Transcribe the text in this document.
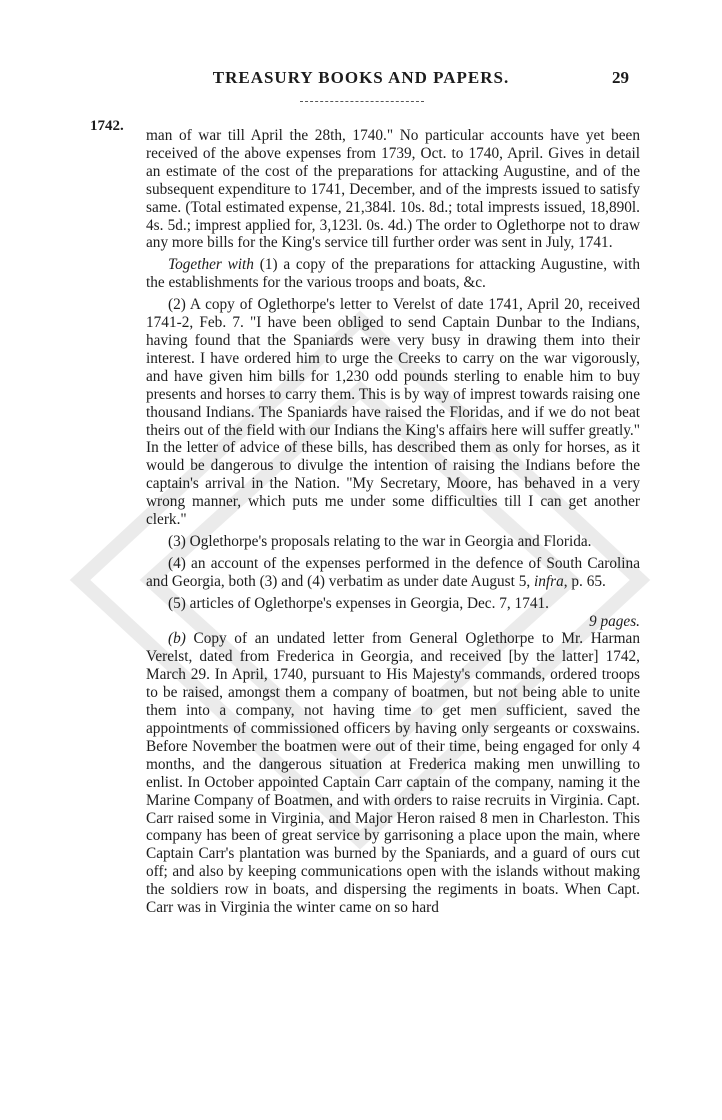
TREASURY BOOKS AND PAPERS.	29
1742.

man of war till April the 28th, 1740." No particular accounts have yet been received of the above expenses from 1739, Oct. to 1740, April. Gives in detail an estimate of the cost of the preparations for attacking Augustine, and of the subsequent expenditure to 1741, December, and of the imprests issued to satisfy same. (Total estimated expense, 21,384l. 10s. 8d.; total imprests issued, 18,890l. 4s. 5d.; imprest applied for, 3,123l. 0s. 4d.) The order to Oglethorpe not to draw any more bills for the King's service till further order was sent in July, 1741.

Together with (1) a copy of the preparations for attacking Augustine, with the establishments for the various troops and boats, &c.

(2) A copy of Oglethorpe's letter to Verelst of date 1741, April 20, received 1741-2, Feb. 7. "I have been obliged to send Captain Dunbar to the Indians, having found that the Spaniards were very busy in drawing them into their interest. I have ordered him to urge the Creeks to carry on the war vigorously, and have given him bills for 1,230 odd pounds sterling to enable him to buy presents and horses to carry them. This is by way of imprest towards raising one thousand Indians. The Spaniards have raised the Floridas, and if we do not beat theirs out of the field with our Indians the King's affairs here will suffer greatly." In the letter of advice of these bills, has described them as only for horses, as it would be dangerous to divulge the intention of raising the Indians before the captain's arrival in the Nation. "My Secretary, Moore, has behaved in a very wrong manner, which puts me under some difficulties till I can get another clerk."

(3) Oglethorpe's proposals relating to the war in Georgia and Florida.

(4) an account of the expenses performed in the defence of South Carolina and Georgia, both (3) and (4) verbatim as under date August 5, infra, p. 65.

(5) articles of Oglethorpe's expenses in Georgia, Dec. 7, 1741.

9 pages.

(b) Copy of an undated letter from General Oglethorpe to Mr. Harman Verelst, dated from Frederica in Georgia, and received [by the latter] 1742, March 29. In April, 1740, pursuant to His Majesty's commands, ordered troops to be raised, amongst them a company of boatmen, but not being able to unite them into a company, not having time to get men sufficient, saved the appointments of commissioned officers by having only sergeants or coxswains. Before November the boatmen were out of their time, being engaged for only 4 months, and the dangerous situation at Frederica making men unwilling to enlist. In October appointed Captain Carr captain of the company, naming it the Marine Company of Boatmen, and with orders to raise recruits in Virginia. Capt. Carr raised some in Virginia, and Major Heron raised 8 men in Charleston. This company has been of great service by garrisoning a place upon the main, where Captain Carr's plantation was burned by the Spaniards, and a guard of ours cut off; and also by keeping communications open with the islands without making the soldiers row in boats, and dispersing the regiments in boats. When Capt. Carr was in Virginia the winter came on so hard
